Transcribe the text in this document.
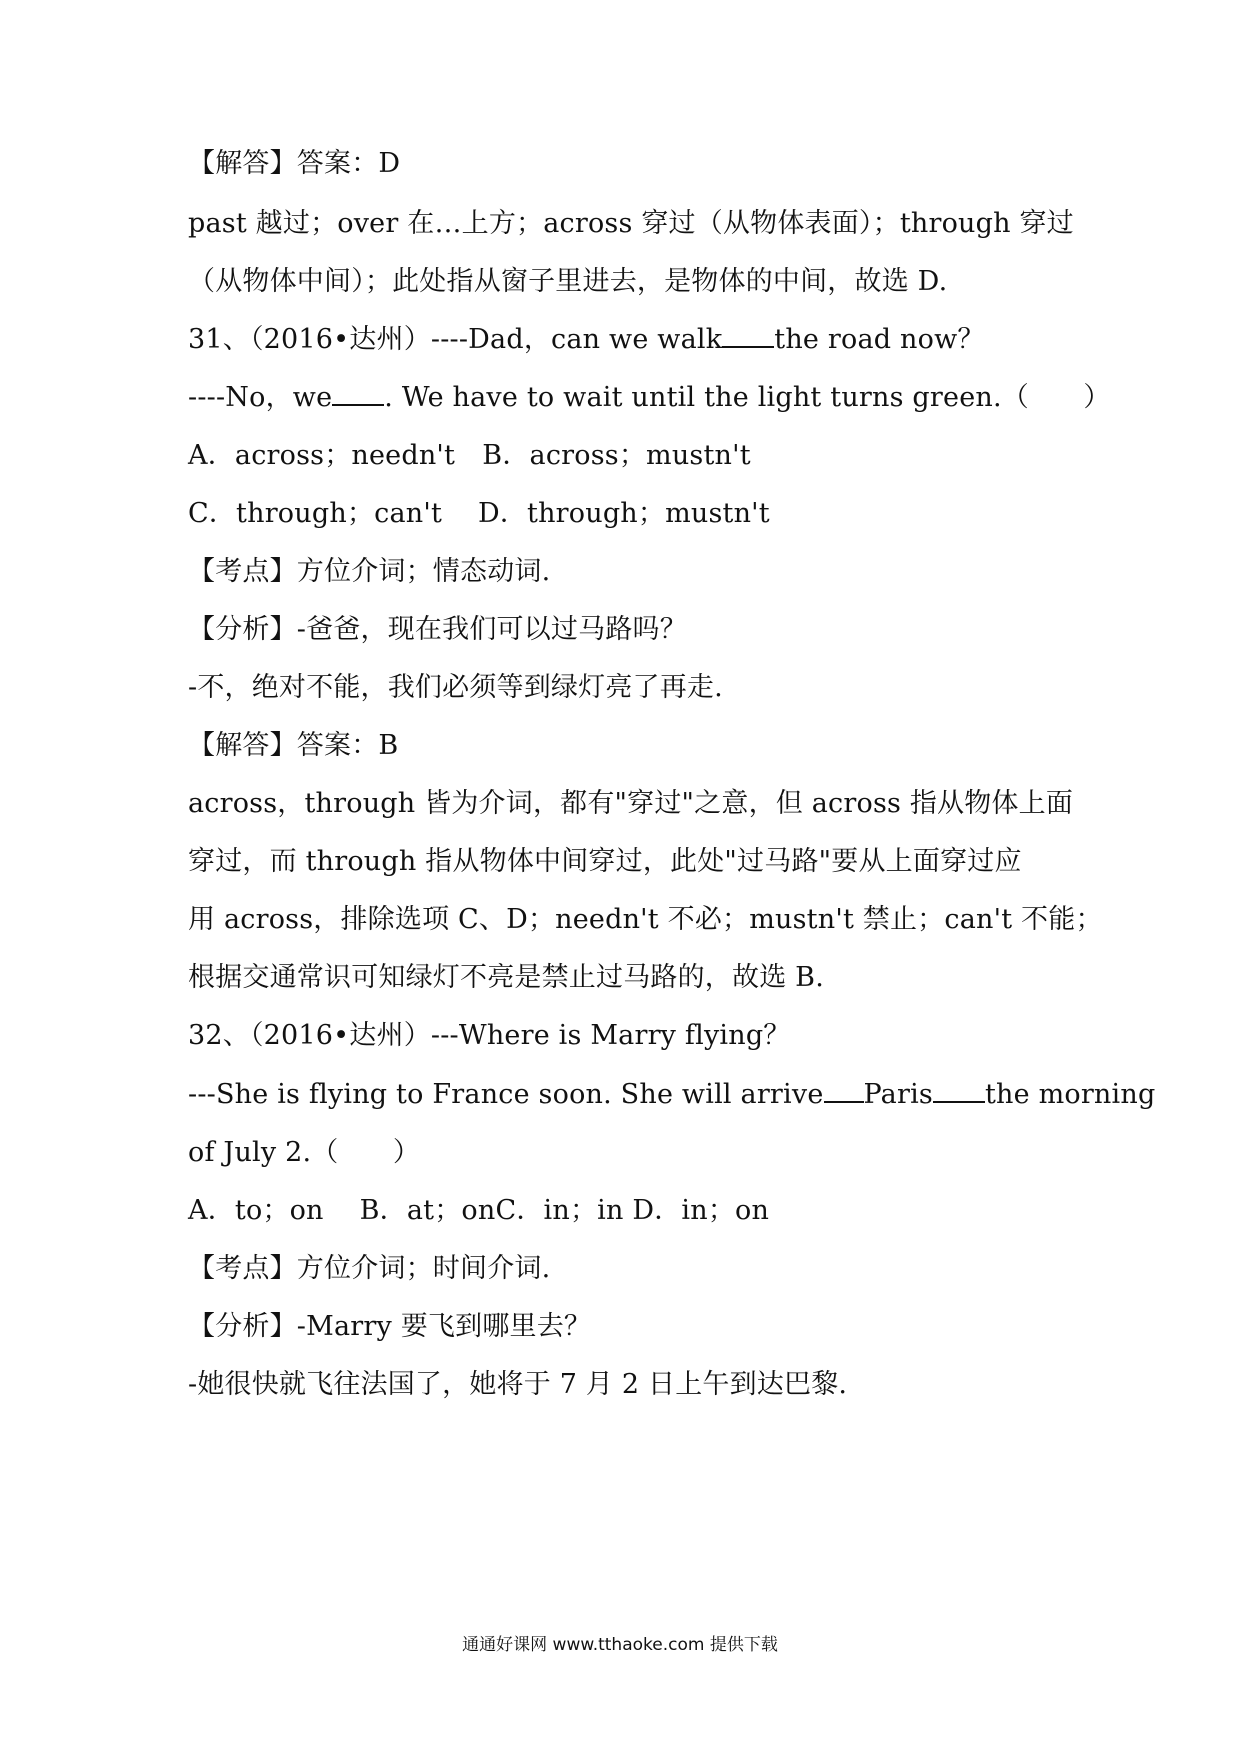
【解答】答案：D
past 越过；over 在…上方；across 穿过（从物体表面）；through 穿过
（从物体中间）；此处指从窗子里进去，是物体的中间，故选 D.
31、（2016•达州）----Dad，can we walk the road now？
----No，we . We have to wait until the light turns green.（　　）
A．across；needn't　B．across；mustn't
C．through；can't　 D．through；mustn't
【考点】方位介词；情态动词.
【分析】-爸爸，现在我们可以过马路吗？
-不，绝对不能，我们必须等到绿灯亮了再走.
【解答】答案：B
across，through 皆为介词，都有"穿过"之意，但 across 指从物体上面
穿过，而 through 指从物体中间穿过，此处"过马路"要从上面穿过应
用 across，排除选项 C、D；needn't 不必；mustn't 禁止；can't 不能；
根据交通常识可知绿灯不亮是禁止过马路的，故选 B.
32、（2016•达州）---Where is Marry flying？
---She is flying to France soon. She will arrive Paris the morning
of July 2.（　　）
A．to；on　 B．at；onC．in；in D．in；on
【考点】方位介词；时间介词.
【分析】-Marry 要飞到哪里去？
-她很快就飞往法国了，她将于 7 月 2 日上午到达巴黎.
通通好课网 www.tthaoke.com 提供下载
